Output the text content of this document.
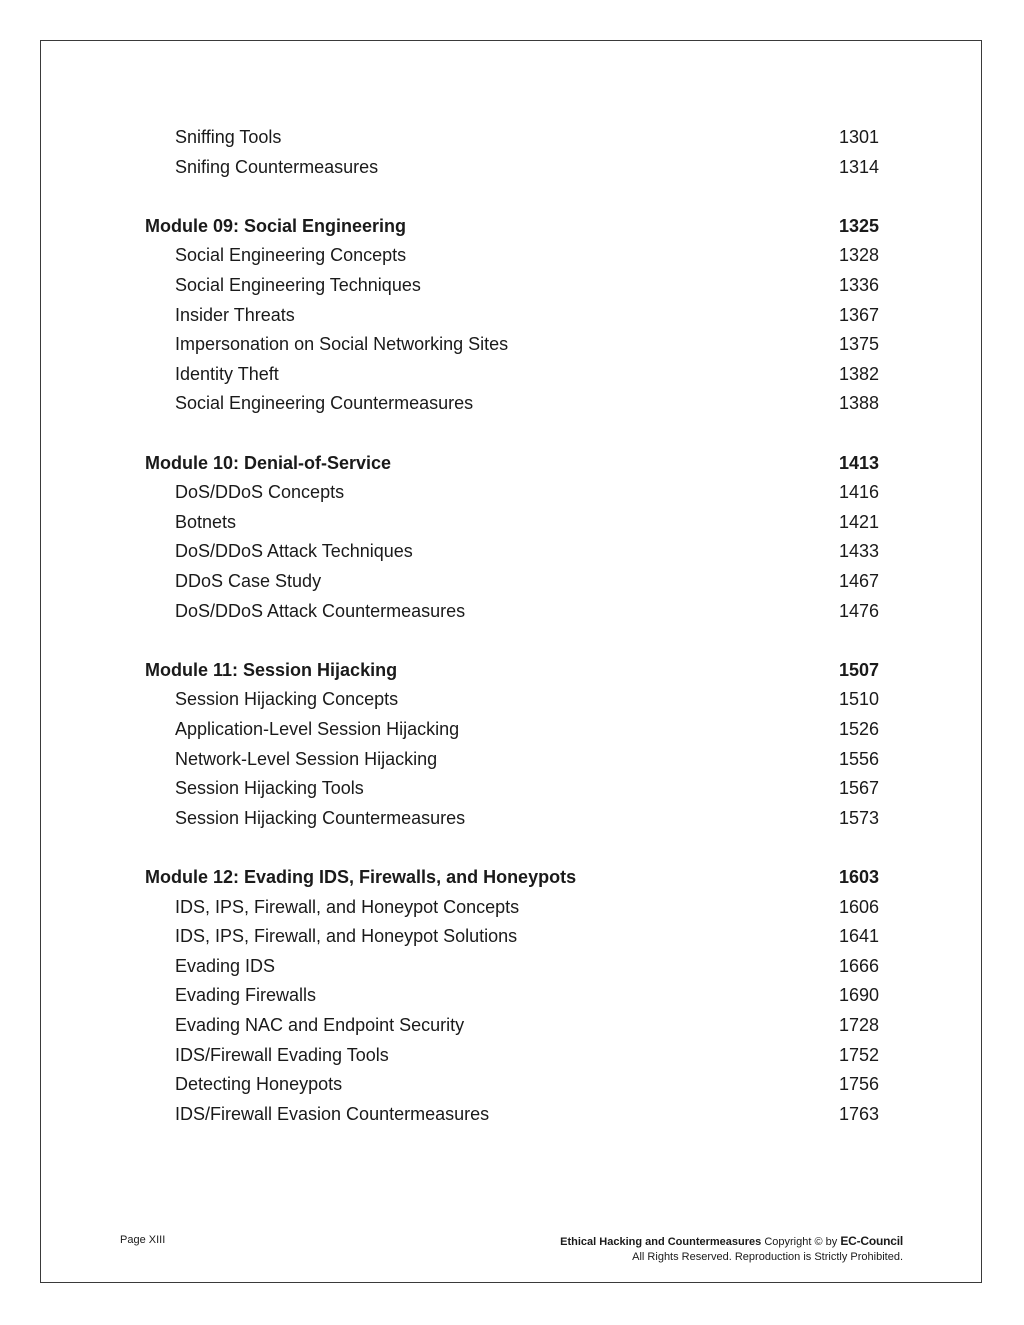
Sniffing Tools	1301
Snifing Countermeasures	1314
Module 09: Social Engineering	1325
Social Engineering Concepts	1328
Social Engineering Techniques	1336
Insider Threats	1367
Impersonation on Social Networking Sites	1375
Identity Theft	1382
Social Engineering Countermeasures	1388
Module 10: Denial-of-Service	1413
DoS/DDoS Concepts	1416
Botnets	1421
DoS/DDoS Attack Techniques	1433
DDoS Case Study	1467
DoS/DDoS Attack Countermeasures	1476
Module 11: Session Hijacking	1507
Session Hijacking Concepts	1510
Application-Level Session Hijacking	1526
Network-Level Session Hijacking	1556
Session Hijacking Tools	1567
Session Hijacking Countermeasures	1573
Module 12: Evading IDS, Firewalls, and Honeypots	1603
IDS, IPS, Firewall, and Honeypot Concepts	1606
IDS, IPS, Firewall, and Honeypot Solutions	1641
Evading IDS	1666
Evading Firewalls	1690
Evading NAC and Endpoint Security	1728
IDS/Firewall Evading Tools	1752
Detecting Honeypots	1756
IDS/Firewall Evasion Countermeasures	1763
Page XIII	Ethical Hacking and Countermeasures Copyright © by EC-Council
All Rights Reserved. Reproduction is Strictly Prohibited.
